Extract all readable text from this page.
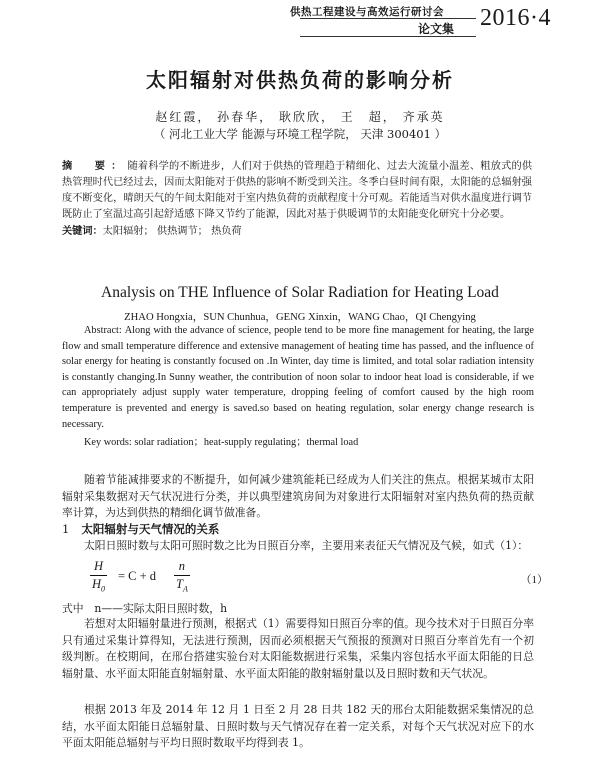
供热工程建设与高效运行研讨会
论文集 2016·4
太阳辐射对供热负荷的影响分析
赵红霞， 孙春华， 耿欣欣， 王　超， 齐承英
（ 河北工业大学 能源与环境工程学院， 天津 300401 ）
摘　要：随着科学的不断进步，人们对于供热的管理趋于精细化、过去大流量小温差、粗放式的供热管理时代已经过去，因而太阳能对于供热的影响不断受到关注。冬季白昼时间有限，太阳能的总辐射强度不断变化，晴朗天气的午间太阳能对于室内热负荷的贡献程度十分可观。若能适当对供水温度进行调节既防止了室温过高引起舒适感下降又节约了能源，因此对基于供暖调节的太阳能变化研究十分必要。
关键词：太阳辐射； 供热调节； 热负荷
Analysis on THE Influence of Solar Radiation for Heating Load
ZHAO Hongxia，SUN Chunhua，GENG Xinxin，WANG Chao，QI Chengying
Abstract: Along with the advance of science, people tend to be more fine management for heating, the large flow and small temperature difference and extensive management of heating time has passed, and the influence of solar energy for heating is constantly focused on .In Winter, day time is limited, and total solar radiation intensity is constantly changing.In Sunny weather, the contribution of noon solar to indoor heat load is considerable, if we can appropriately adjust supply water temperature, dropping feeling of comfort caused by the high room temperature is prevented and energy is saved.so based on heating regulation, solar energy change research is necessary.
Key words: solar radiation；heat-supply regulating；thermal load
随着节能减排要求的不断提升，如何减少建筑能耗已经成为人们关注的焦点。根据某城市太阳辐射采集数据对天气状况进行分类，并以典型建筑房间为对象进行太阳辐射对室内热负荷的热贡献率计算，为达到供热的精细化调节做准备。
1 太阳辐射与天气情况的关系
太阳日照时数与太阳可照时数之比为日照百分率，主要用来表征天气情况及气候，如式（1）：
H
$H_0$
= C + d
n
$T_A$
（1）
式中　n——实际太阳日照时数，h
若想对太阳辐射量进行预测，根据式（1）需要得知日照百分率的值。现今技术对于日照百分率只有通过采集计算得知，无法进行预测，因而必须根据天气预报的预测对日照百分率首先有一个初级判断。在校期间，在邢台搭建实验台对太阳能数据进行采集，采集内容包括水平面太阳能的日总辐射量、水平面太阳能直射辐射量、水平面太阳能的散射辐射量以及日照时数和天气状况。
根据 2013 年及 2014 年 12 月 1 日至 2 月 28 日共 182 天的邢台太阳能数据采集情况的总结，水平面太阳能日总辐射量、日照时数与天气情况存在着一定关系，对每个天气状况对应下的水平面太阳能总辐射与平均日照时数取平均得到表 1。
